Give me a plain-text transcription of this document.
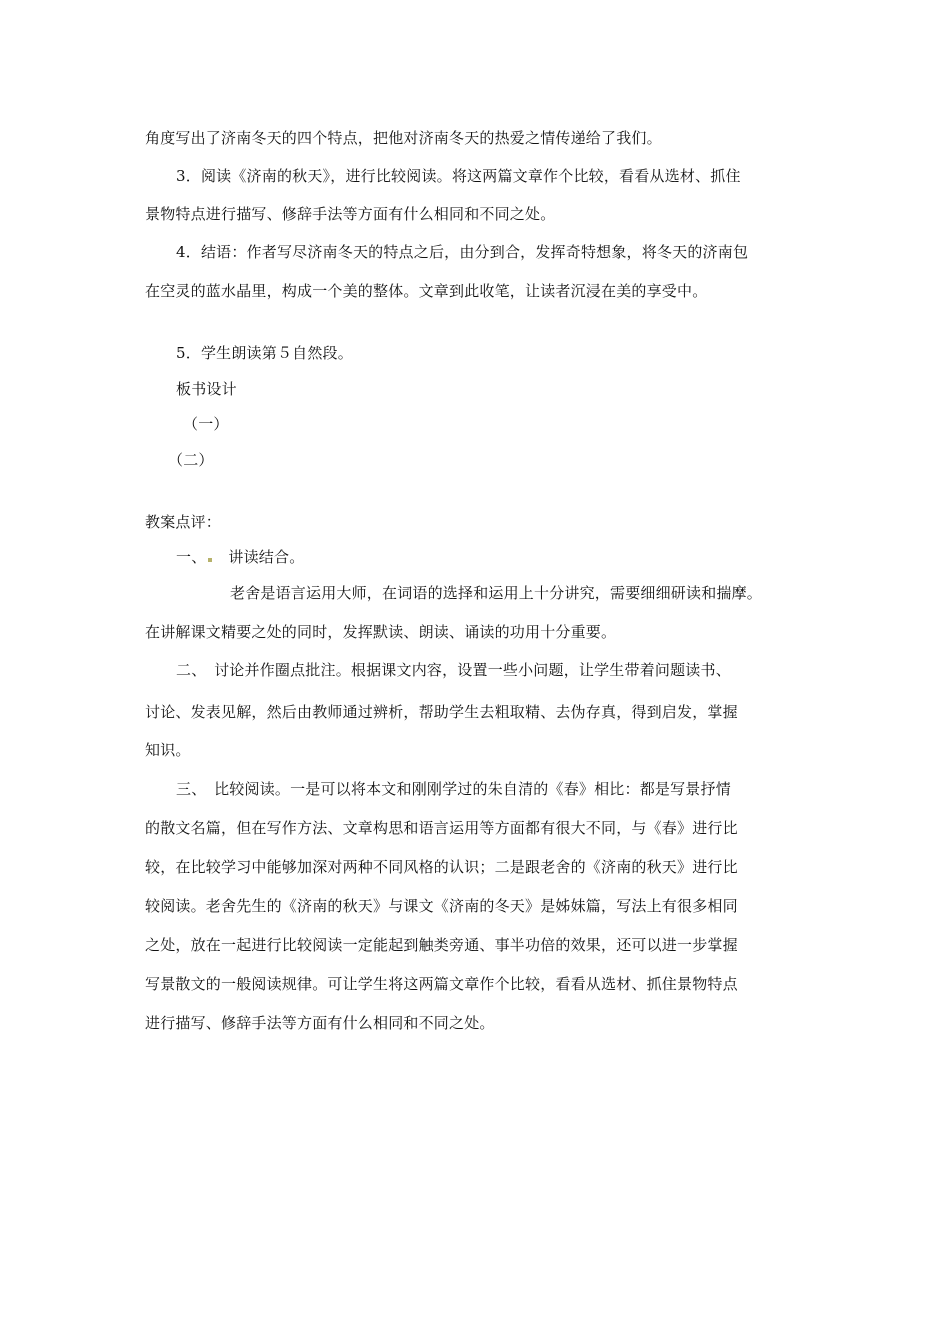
角度写出了济南冬天的四个特点，把他对济南冬天的热爱之情传递给了我们。
3．阅读《济南的秋天》，进行比较阅读。将这两篇文章作个比较，看看从选材、抓住
景物特点进行描写、修辞手法等方面有什么相同和不同之处。
4．结语：作者写尽济南冬天的特点之后，由分到合，发挥奇特想象，将冬天的济南包
在空灵的蓝水晶里，构成一个美的整体。文章到此收笔，让读者沉浸在美的享受中。
5．学生朗读第５自然段。
板书设计
（一）
（二）
教案点评：
一、 讲读结合。
老舍是语言运用大师，在词语的选择和运用上十分讲究，需要细细研读和揣摩。
在讲解课文精要之处的同时，发挥默读、朗读、诵读的功用十分重要。
二、　讨论并作圈点批注。根据课文内容，设置一些小问题，让学生带着问题读书、
讨论、发表见解，然后由教师通过辨析，帮助学生去粗取精、去伪存真，得到启发，掌握
知识。
三、　比较阅读。一是可以将本文和刚刚学过的朱自清的《春》相比：都是写景抒情
的散文名篇，但在写作方法、文章构思和语言运用等方面都有很大不同，与《春》进行比
较，在比较学习中能够加深对两种不同风格的认识；二是跟老舍的《济南的秋天》进行比
较阅读。老舍先生的《济南的秋天》与课文《济南的冬天》是姊妹篇，写法上有很多相同
之处，放在一起进行比较阅读一定能起到触类旁通、事半功倍的效果，还可以进一步掌握
写景散文的一般阅读规律。可让学生将这两篇文章作个比较，看看从选材、抓住景物特点
进行描写、修辞手法等方面有什么相同和不同之处。
